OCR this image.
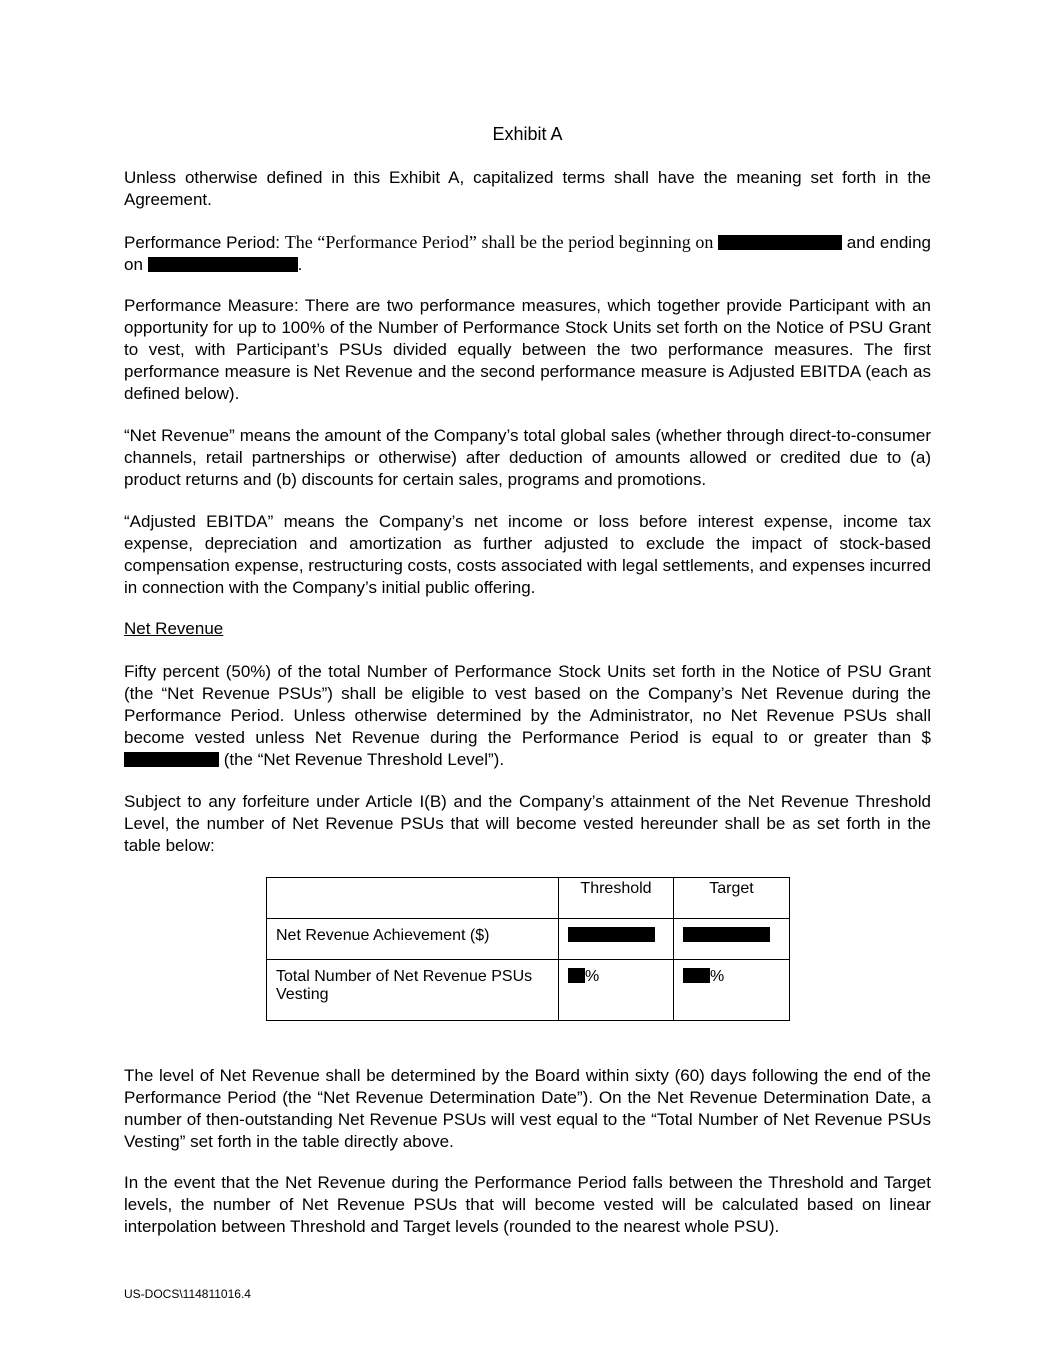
Exhibit A

Unless otherwise defined in this Exhibit A, capitalized terms shall have the meaning set forth in the Agreement.

Performance Period: The “Performance Period” shall be the period beginning on	and ending on	.

Performance Measure: There are two performance measures, which together provide Participant with an opportunity for up to 100% of the Number of Performance Stock Units set forth on the Notice of PSU Grant to vest, with Participant’s PSUs divided equally between the two performance measures. The first performance measure is Net Revenue and the second performance measure is Adjusted EBITDA (each as defined below).

“Net Revenue” means the amount of the Company’s total global sales (whether through direct-to-consumer channels, retail partnerships or otherwise) after deduction of amounts allowed or credited due to (a) product returns and (b) discounts for certain sales, programs and promotions.

“Adjusted EBITDA” means the Company’s net income or loss before interest expense, income tax expense, depreciation and amortization as further adjusted to exclude the impact of stock-based compensation expense, restructuring costs, costs associated with legal settlements, and expenses incurred in connection with the Company’s initial public offering.

Net Revenue

Fifty percent (50%) of the total Number of Performance Stock Units set forth in the Notice of PSU Grant (the “Net Revenue PSUs”) shall be eligible to vest based on the Company’s Net Revenue during the Performance Period. Unless otherwise determined by the Administrator, no Net Revenue PSUs shall become vested unless Net Revenue during the Performance Period is equal to or greater than $ (the “Net Revenue Threshold Level”).

Subject to any forfeiture under Article I(B) and the Company’s attainment of the Net Revenue Threshold Level, the number of Net Revenue PSUs that will become vested hereunder shall be as set forth in the table below:

	Threshold	Target
Net Revenue Achievement ($)		
Total Number of Net Revenue PSUs Vesting	%	%

The level of Net Revenue shall be determined by the Board within sixty (60) days following the end of the Performance Period (the “Net Revenue Determination Date”). On the Net Revenue Determination Date, a number of then-outstanding Net Revenue PSUs will vest equal to the “Total Number of Net Revenue PSUs Vesting” set forth in the table directly above.

In the event that the Net Revenue during the Performance Period falls between the Threshold and Target levels, the number of Net Revenue PSUs that will become vested will be calculated based on linear interpolation between Threshold and Target levels (rounded to the nearest whole PSU).

US-DOCS\114811016.4
